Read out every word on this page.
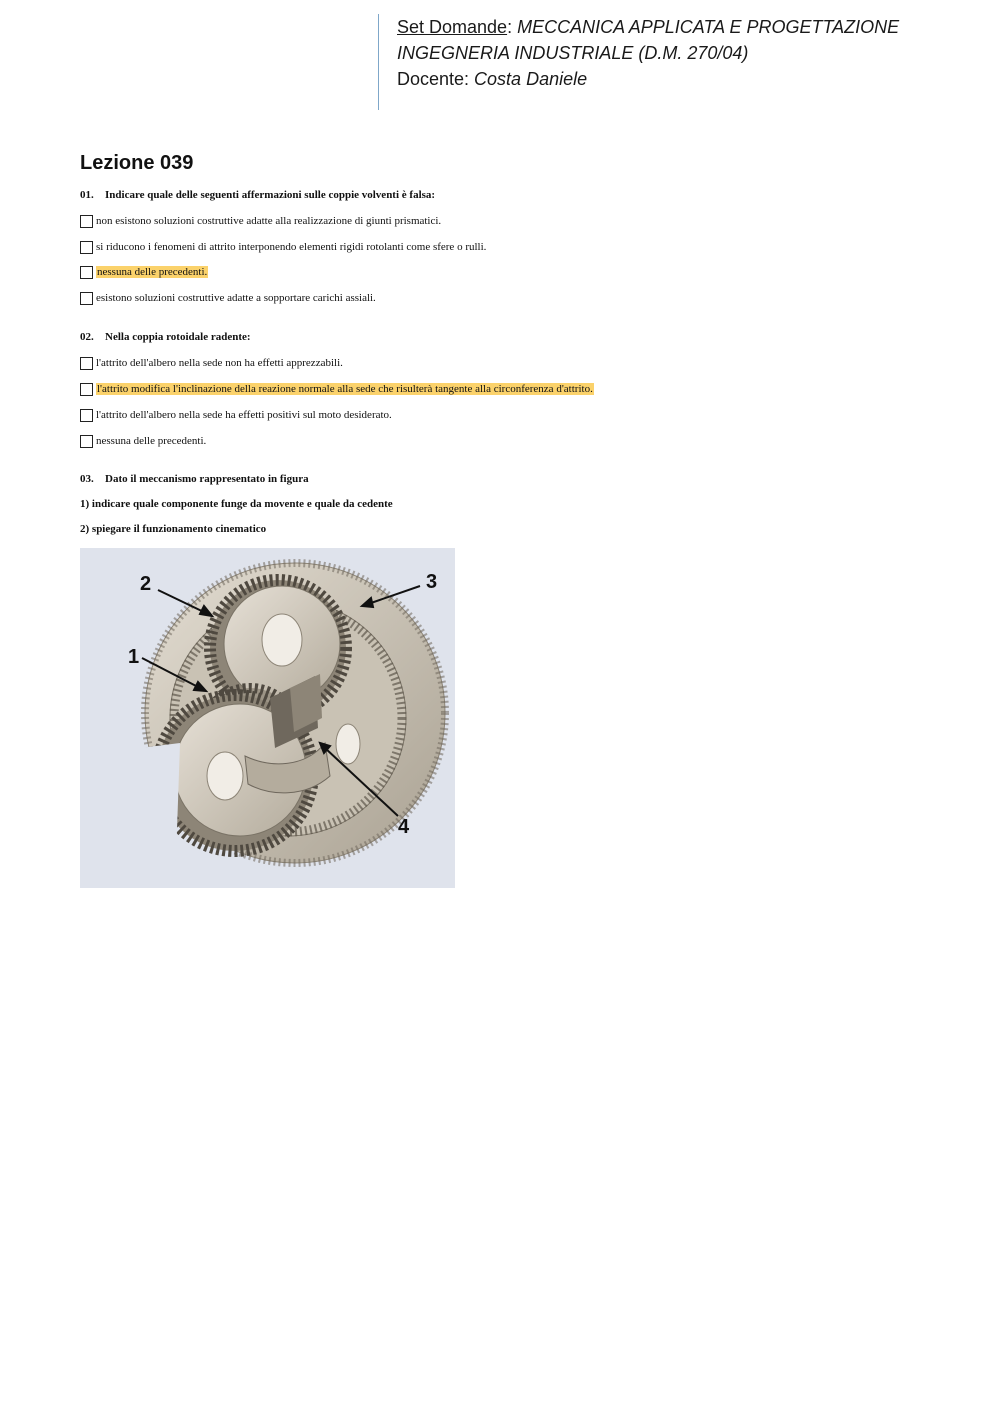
Set Domande: MECCANICA APPLICATA E PROGETTAZIONE
INGEGNERIA INDUSTRIALE (D.M. 270/04)
Docente: Costa Daniele
Lezione 039
01. Indicare quale delle seguenti affermazioni sulle coppie volventi è falsa:
non esistono soluzioni costruttive adatte alla realizzazione di giunti prismatici.
si riducono i fenomeni di attrito interponendo elementi rigidi rotolanti come sfere o rulli.
nessuna delle precedenti.
esistono soluzioni costruttive adatte a sopportare carichi assiali.
02. Nella coppia rotoidale radente:
l'attrito dell'albero nella sede non ha effetti apprezzabili.
l'attrito modifica l'inclinazione della reazione normale alla sede che risulterà tangente alla circonferenza d'attrito.
l'attrito dell'albero nella sede ha effetti positivi sul moto desiderato.
nessuna delle precedenti.
03. Dato il meccanismo rappresentato in figura
1) indicare quale componente funge da movente e quale da cedente
2) spiegare il funzionamento cinematico
2
1
3
4
